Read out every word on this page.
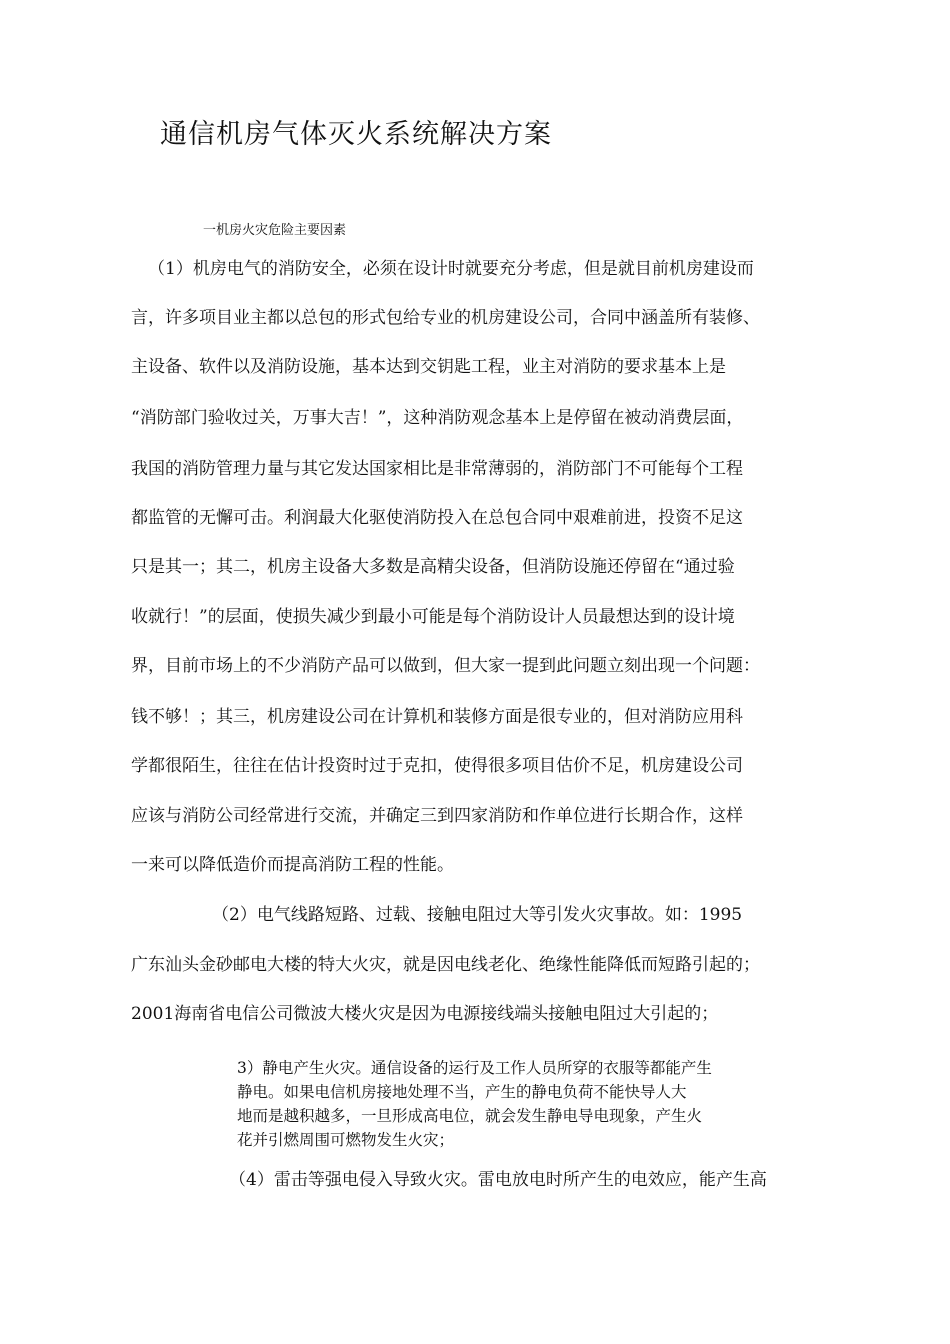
通信机房气体灭火系统解决方案
一机房火灾危险主要因素
（1）机房电气的消防安全，必须在设计时就要充分考虑，但是就目前机房建设而
言，许多项目业主都以总包的形式包给专业的机房建设公司，合同中涵盖所有装修、
主设备、软件以及消防设施，基本达到交钥匙工程，业主对消防的要求基本上是
“消防部门验收过关，万事大吉！”，这种消防观念基本上是停留在被动消费层面，
我国的消防管理力量与其它发达国家相比是非常薄弱的，消防部门不可能每个工程
都监管的无懈可击。利润最大化驱使消防投入在总包合同中艰难前进，投资不足这
只是其一；其二，机房主设备大多数是高精尖设备，但消防设施还停留在“通过验
收就行！”的层面，使损失减少到最小可能是每个消防设计人员最想达到的设计境
界，目前市场上的不少消防产品可以做到，但大家一提到此问题立刻出现一个问题：
钱不够！；其三，机房建设公司在计算机和装修方面是很专业的，但对消防应用科
学都很陌生，往往在估计投资时过于克扣，使得很多项目估价不足，机房建设公司
应该与消防公司经常进行交流，并确定三到四家消防和作单位进行长期合作，这样
一来可以降低造价而提高消防工程的性能。
（2）电气线路短路、过载、接触电阻过大等引发火灾事故。如：1995
广东汕头金砂邮电大楼的特大火灾，就是因电线老化、绝缘性能降低而短路引起的；
2001海南省电信公司微波大楼火灾是因为电源接线端头接触电阻过大引起的；
3）静电产生火灾。通信设备的运行及工作人员所穿的衣服等都能产生
静电。如果电信机房接地处理不当，产生的静电负荷不能快导人大
地而是越积越多，一旦形成高电位，就会发生静电导电现象，产生火
花并引燃周围可燃物发生火灾；
（4）雷击等强电侵入导致火灾。雷电放电时所产生的电效应，能产生高
